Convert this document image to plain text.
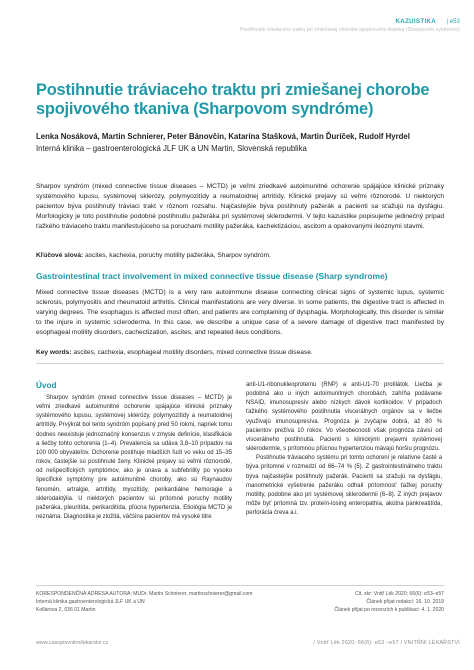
KAZUISTIKA | e53
Postihnutie tráviaceho traktu pri zmiešanej chorobe spojivového tkaniva (Sharpovom syndróme)
Postihnutie tráviaceho traktu pri zmiešanej chorobe spojivového tkaniva (Sharpovom syndróme)
Lenka Nosáková, Martin Schnierer, Peter Bánovčin, Katarína Stašková, Martin Ďuríček, Rudolf Hyrdel
Interná klinika – gastroenterologická JLF UK a UN Martin, Slovenská republika

Sharpov syndróm (mixed connective tissue diseases – MCTD) je veľmi zriedkavé autoimunitné ochorenie spájajúce klinické príznaky systémového lupusu, systémovej sklerózy, polymyozitídy a reumatoidnej artritídy. Klinické prejavy sú veľmi rôznorodé. U niektorých pacientov býva postihnutý tráviaci trakt v rôznom rozsahu. Najčastejšie býva postihnutý pažerák a pacienti sa sťažujú na dysfágiu. Morfologicky je toto postihnutie podobné postihnutiu pažeráka pri systémovej sklerodermii. V tejto kazuistike popisujeme jedinečný prípad ťažkého tráviaceho traktu manifestujúceho sa poruchami motility pažeráka, kachektizáciou, ascitom a opakovanými ileóznymi stavmi.

Kľúčové slová: ascites, kachexia, poruchy motility pažeráka, Sharpov syndróm.

Gastrointestinal tract involvement in mixed connective tissue disease (Sharp syndrome)

Mixed connective tissue diseases (MCTD) is a very rare autoimmune disease connecting clinical signs of systemic lupus, systemic sclerosis, polymyositis and rheumatoid arthritis. Clinical manifestations are very diverse. In some patients, the digestive tract is affected in varying degrees. The esophagus is affected most often, and patients are complaining of dysphagia. Morphologically, this disorder is similar to the injure in systemic scleroderma. In this case, we describe a unique case of a severe damage of digestive tract manifested by esophageal motility disorders, cachectization, ascites, and repeated ileus conditions.

Key words: ascites, cachexia, esophageal motility disorders, mixed connective tissue disease.

Úvod

Sharpov syndróm (mixed connective tissue diseases – MCTD) je veľmi zriedkavé autoimunitné ochorenie spájajúce klinické príznaky systémového lupusu, systémovej sklerózy, polymyozitídy a reumatoidnej artritídy. Prvýkrát bol tento syndróm popísaný pred 50 rokmi, napriek tomu dodnes neexistuje jednoznačný konsenzus v zmysle definície, klasifikácie a liečby tohto ochorenia (1–4). Prevalencia sa udáva 3,8–10 prípadov na 100 000 obyvateľov. Ochorenie postihuje mladších ľudí vo veku od 15–35 rokov, častejšie sú postihnuté ženy. Klinické prejavy sú veľmi rôznorodé, od nešpecifických symptómov, ako je únava a subfebrility po vysoko špecifické symptómy pre autoimunitné choroby, ako sú Raynaudov fenomén, artralgie, artritídy, myozitídy, perikardiálne hemoragie a sklerodaktýlia. U niektorých pacientov sú prítomné poruchy motility pažeráka, pleuritída, perikarditída, pľúcna hypertenzia. Etiológia MCTD je neznáma. Diagnostika je zložitá, väčšina pacientov má vysoké titre

anti-U1-ribonukleoproteínu (RNP) a anti-U1-70 protilátok. Liečba je podobná ako u iných autoimunitných chorobách, zahŕňa podávanie NSAID, imunosupresív alebo nízkych dávok kortikoidov. V prípadoch ťažkého systémového postihnutia viscerálnych orgánov sa v liečbe využívajú imunosupresíva. Prognóza je zvyčajne dobrá, až 80 % pacientov prežíva 10 rokov. Vo všeobecnosti však prognóza závisí od viscerálneho postihnutia. Pacienti s klinickými prejavmi systémovej sklerodermie, s prítomnou pľúcnou hypertenziou mávajú horšiu prognózu.

Postihnutie tráviaceho systému pri tomto ochorení je relatívne časté a býva prítomné v rozmedzí od 66–74 % (5). Z gastrointestinálneho traktu býva najčastejšie postihnutý pažerák. Pacienti sa sťažujú na dysfágiu, manometrické vyšetrenie pažeráku odhalí prítomnosť ťažkej poruchy motility, podobne ako pri systémovej sklerodermii (6–8). Z iných prejavov môže byť prítomná tzv. proteín-losing enteropathia, akútna pankreatitída, perforácia čreva a.i.

KORESPONDENČNÁ ADRESA AUTORA: MUDr. Martin Schnierer, martinschnierer@gmail.com
Interná klinika gastroenterologická JLF UK a UN
Kollárova 2, 036 01 Martin
Cit. zkr: Vnitř Lék 2020; 66(6): e53–e57
Článek přijat redakcí: 16. 10. 2019
Článek přijat po recenzích k publikaci: 4. 1. 2020
www.casopisvnitrnilekarstvi.cz	/ Vnitř Lék 2020; 66(6): e53 –e57 / VNITŘNÍ LÉKAŘSTVÍ
